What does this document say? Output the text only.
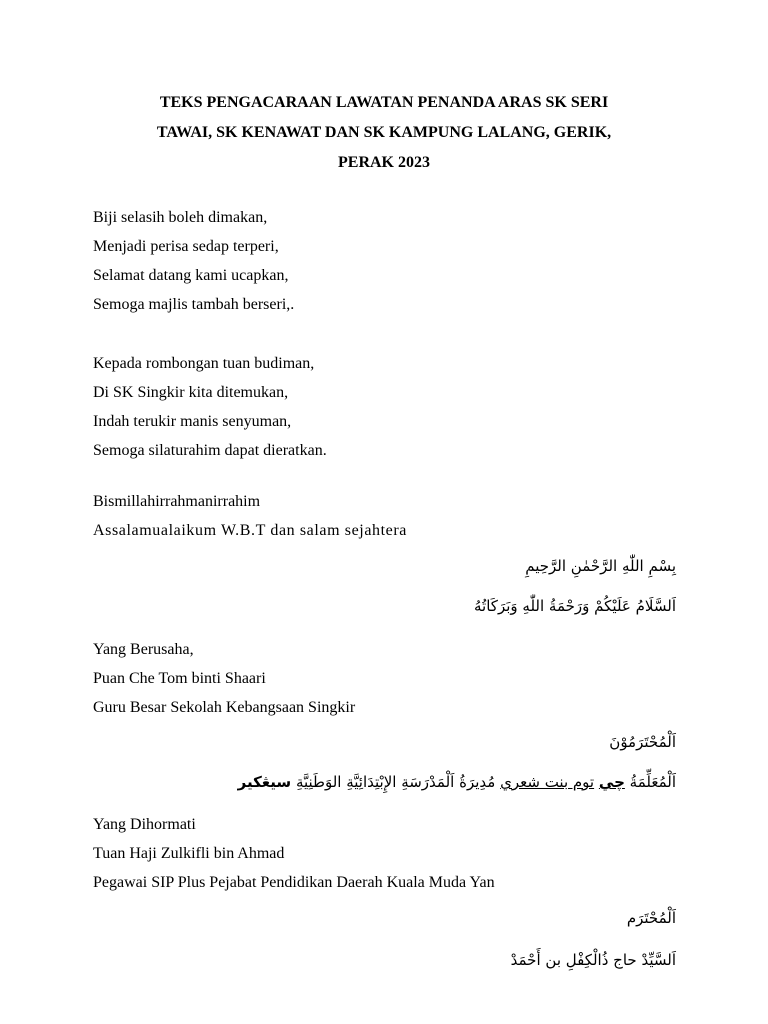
TEKS PENGACARAAN LAWATAN PENANDA ARAS SK SERI
TAWAI, SK KENAWAT DAN SK KAMPUNG LALANG, GERIK,
PERAK 2023
Biji selasih boleh dimakan,
Menjadi perisa sedap terperi,
Selamat datang kami ucapkan,
Semoga majlis tambah berseri,.
Kepada rombongan tuan budiman,
Di SK Singkir kita ditemukan,
Indah terukir manis senyuman,
Semoga silaturahim dapat dieratkan.
Bismillahirrahmanirrahim
Assalamualaikum W.B.T dan salam sejahtera
بِسْمِ اللّٰهِ الرَّحْمٰنِ الرَّحِيمِ
اَلسَّلَامُ عَلَيْكُمْ وَرَحْمَةُ اللّٰهِ وَبَرَكَاتُهُ
Yang Berusaha,
Puan Che Tom binti Shaari
Guru Besar Sekolah Kebangsaan Singkir
اَلْمُحْتَرَمُوْنَ
اَلْمُعَلِّمَةُ چي توم بنت شعري مُدِيرَةُ اَلْمَدْرَسَةِ الإِبْتِدَائِيَّةِ الوَطَنِيَّةِ سيڠكير
Yang Dihormati
Tuan Haji Zulkifli bin Ahmad
Pegawai SIP Plus Pejabat Pendidikan Daerah Kuala Muda Yan
اَلْمُحْتَرَم
اَلسَّيِّدْ حاج ذُالْكِفْلِ بن أَحْمَدْ
